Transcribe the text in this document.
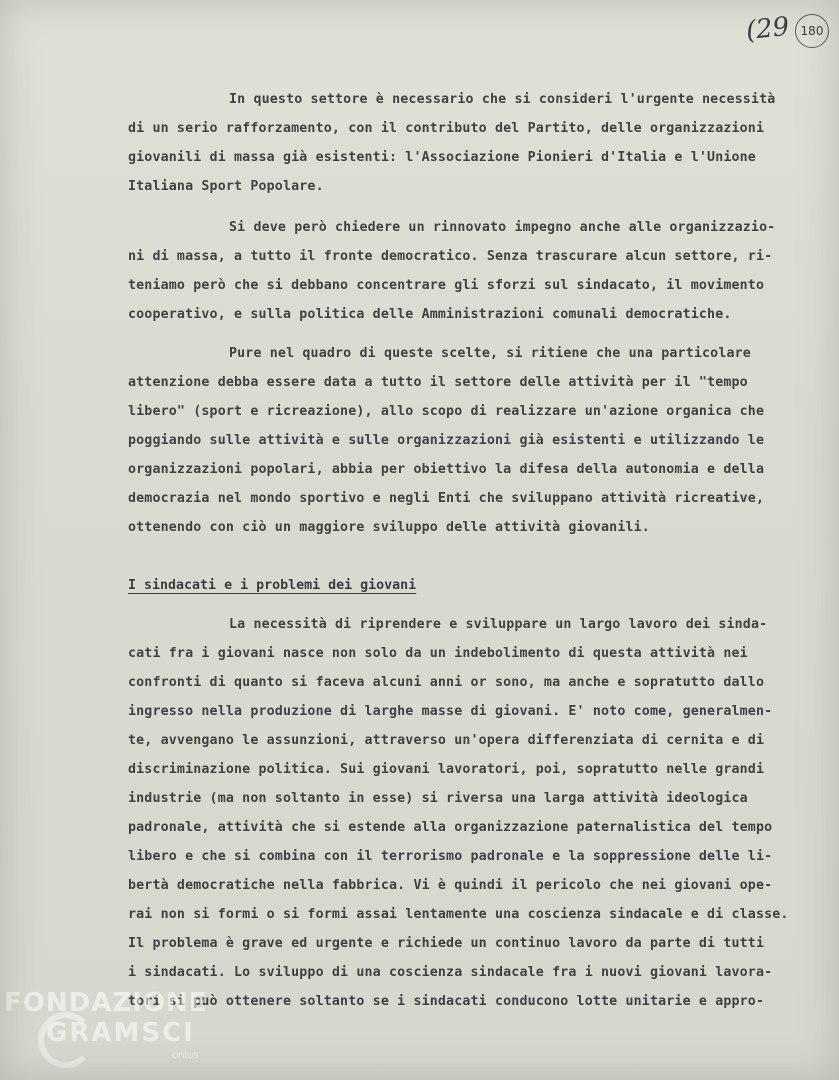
(29 180
In questo settore è necessario che si consideri l'urgente necessità
di un serio rafforzamento, con il contributo del Partito, delle organizzazioni
giovanili di massa già esistenti: l'Associazione Pionieri d'Italia e l'Unione
Italiana Sport Popolare.
Si deve però chiedere un rinnovato impegno anche alle organizzazio-
ni di massa, a tutto il fronte democratico. Senza trascurare alcun settore, ri-
teniamo però che si debbano concentrare gli sforzi sul sindacato, il movimento
cooperativo, e sulla politica delle Amministrazioni comunali democratiche.
Pure nel quadro di queste scelte, si ritiene che una particolare
attenzione debba essere data a tutto il settore delle attività per il "tempo
libero" (sport e ricreazione), allo scopo di realizzare un'azione organica che
poggiando sulle attività e sulle organizzazioni già esistenti e utilizzando le
organizzazioni popolari, abbia per obiettivo la difesa della autonomia e della
democrazia nel mondo sportivo e negli Enti che sviluppano attività ricreative,
ottenendo con ciò un maggiore sviluppo delle attività giovanili.
I sindacati e i problemi dei giovani
La necessità di riprendere e sviluppare un largo lavoro dei sinda-
cati fra i giovani nasce non solo da un indebolimento di questa attività nei
confronti di quanto si faceva alcuni anni or sono, ma anche e sopratutto dallo
ingresso nella produzione di larghe masse di giovani. E' noto come, generalmen-
te, avvengano le assunzioni, attraverso un'opera differenziata di cernita e di
discriminazione politica. Sui giovani lavoratori, poi, sopratutto nelle grandi
industrie (ma non soltanto in esse) si riversa una larga attività ideologica
padronale, attività che si estende alla organizzazione paternalistica del tempo
libero e che si combina con il terrorismo padronale e la soppressione delle li-
bertà democratiche nella fabbrica. Vi è quindi il pericolo che nei giovani ope-
rai non si formi o si formi assai lentamente una coscienza sindacale e di classe.
Il problema è grave ed urgente e richiede un continuo lavoro da parte di tutti
i sindacati. Lo sviluppo di una coscienza sindacale fra i nuovi giovani lavora-
tori si può ottenere soltanto se i sindacati conducono lotte unitarie e appro-
FONDAZIONE
GRAMSCI
onlus
